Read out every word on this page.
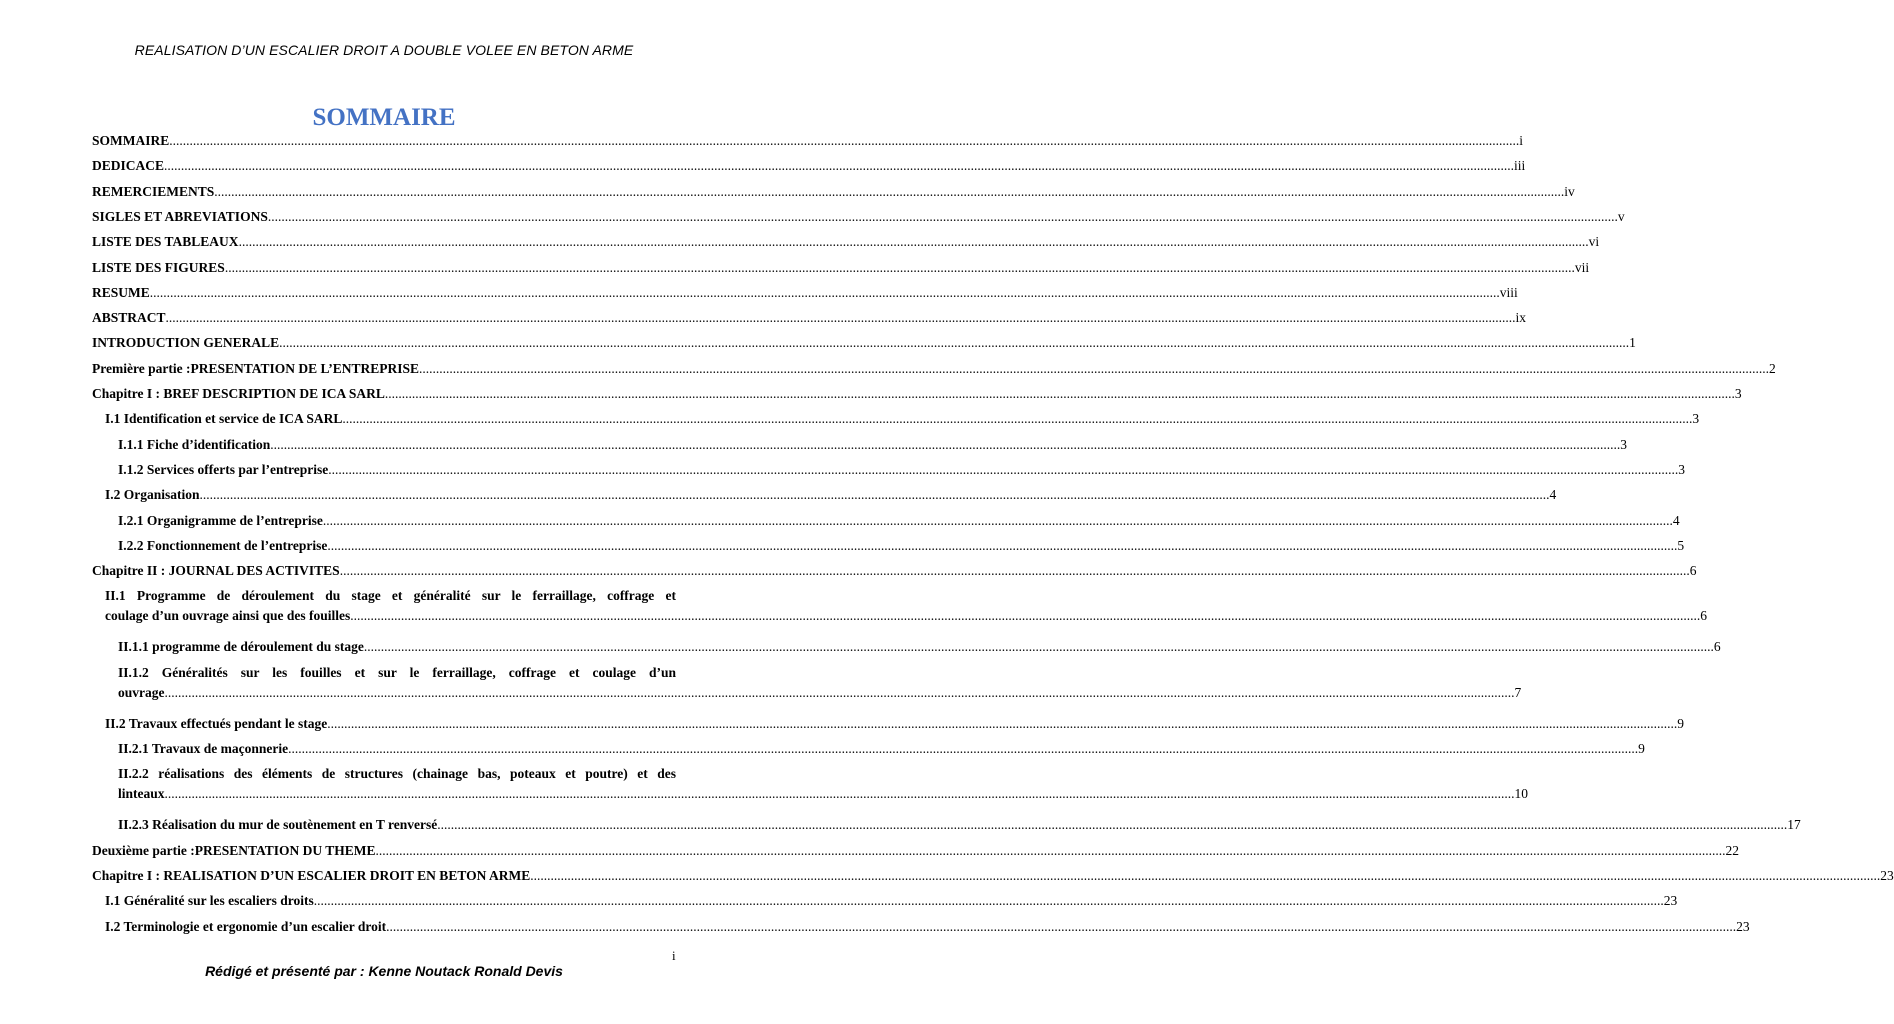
REALISATION D’UN ESCALIER DROIT A DOUBLE VOLEE EN BETON ARME
SOMMAIRE
SOMMAIRE ................................................................................................................................................................................................................................................................................................................................................................................................................ i
DEDICACE ................................................................................................................................................................................................................................................................................................................................................................................................................ iii
REMERCIEMENTS ................................................................................................................................................................................................................................................................................................................................................................................................................ iv
SIGLES ET ABREVIATIONS ................................................................................................................................................................................................................................................................................................................................................................................................................ v
LISTE DES TABLEAUX ................................................................................................................................................................................................................................................................................................................................................................................................................ vi
LISTE DES FIGURES ................................................................................................................................................................................................................................................................................................................................................................................................................ vii
RESUME ................................................................................................................................................................................................................................................................................................................................................................................................................ viii
ABSTRACT ................................................................................................................................................................................................................................................................................................................................................................................................................ ix
INTRODUCTION GENERALE ................................................................................................................................................................................................................................................................................................................................................................................................................ 1
Première partie :PRESENTATION DE L’ENTREPRISE ................................................................................................................................................................................................................................................................................................................................................................................................................ 2
Chapitre I : BREF DESCRIPTION DE ICA SARL ................................................................................................................................................................................................................................................................................................................................................................................................................ 3
I.1 Identification et service de ICA SARL ................................................................................................................................................................................................................................................................................................................................................................................................................ 3
I.1.1 Fiche d’identification ................................................................................................................................................................................................................................................................................................................................................................................................................ 3
I.1.2 Services offerts par l’entreprise ................................................................................................................................................................................................................................................................................................................................................................................................................ 3
I.2 Organisation ................................................................................................................................................................................................................................................................................................................................................................................................................ 4
I.2.1 Organigramme de l’entreprise ................................................................................................................................................................................................................................................................................................................................................................................................................ 4
I.2.2 Fonctionnement de l’entreprise ................................................................................................................................................................................................................................................................................................................................................................................................................ 5
Chapitre II : JOURNAL DES ACTIVITES ................................................................................................................................................................................................................................................................................................................................................................................................................ 6
II.1 Programme de déroulement du stage et généralité sur le ferraillage, coffrage et
coulage d’un ouvrage ainsi que des fouilles ................................................................................................................................................................................................................................................................................................................................................................................................................ 6
II.1.1 programme de déroulement du stage ................................................................................................................................................................................................................................................................................................................................................................................................................ 6
II.1.2 Généralités sur les fouilles et sur le ferraillage, coffrage et coulage d’un
ouvrage ................................................................................................................................................................................................................................................................................................................................................................................................................ 7
II.2 Travaux effectués pendant le stage ................................................................................................................................................................................................................................................................................................................................................................................................................ 9
II.2.1 Travaux de maçonnerie ................................................................................................................................................................................................................................................................................................................................................................................................................ 9
II.2.2 réalisations des éléments de structures (chainage bas, poteaux et poutre) et des
linteaux ................................................................................................................................................................................................................................................................................................................................................................................................................ 10
II.2.3 Réalisation du mur de soutènement en T renversé ................................................................................................................................................................................................................................................................................................................................................................................................................ 17
Deuxième partie :PRESENTATION DU THEME ................................................................................................................................................................................................................................................................................................................................................................................................................ 22
Chapitre I : REALISATION D’UN ESCALIER DROIT EN BETON ARME ................................................................................................................................................................................................................................................................................................................................................................................................................ 23
I.1 Généralité sur les escaliers droits ................................................................................................................................................................................................................................................................................................................................................................................................................ 23
I.2 Terminologie et ergonomie d’un escalier droit ................................................................................................................................................................................................................................................................................................................................................................................................................ 23
i
Rédigé et présenté par : Kenne Noutack Ronald Devis
